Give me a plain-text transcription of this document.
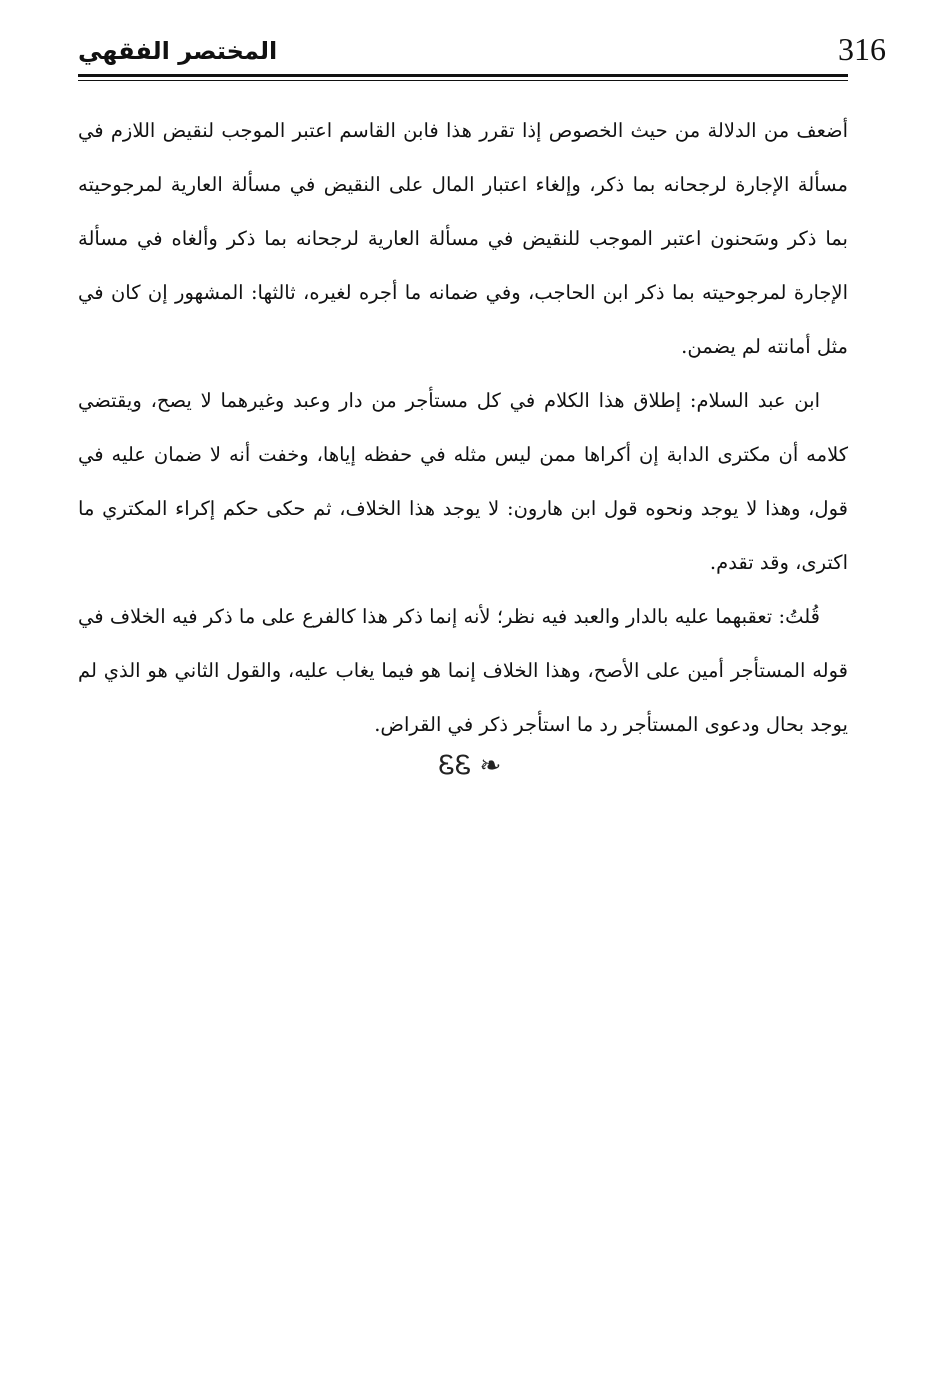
316
المختصر الفقهي

أضعف من الدلالة من حيث الخصوص إذا تقرر هذا فابن القاسم اعتبر الموجب لنقيض اللازم في مسألة الإجارة لرجحانه بما ذكر، وإلغاء اعتبار المال على النقيض في مسألة العارية لمرجوحيته بما ذكر وسَحنون اعتبر الموجب للنقيض في مسألة العارية لرجحانه بما ذكر وألغاه في مسألة الإجارة لمرجوحيته بما ذكر ابن الحاجب، وفي ضمانه ما أجره لغيره، ثالثها: المشهور إن كان في مثل أمانته لم يضمن.

ابن عبد السلام: إطلاق هذا الكلام في كل مستأجر من دار وعبد وغيرهما لا يصح، ويقتضي كلامه أن مكترى الدابة إن أكراها ممن ليس مثله في حفظه إياها، وخفت أنه لا ضمان عليه في قول، وهذا لا يوجد ونحوه قول ابن هارون: لا يوجد هذا الخلاف، ثم حكى حكم إكراء المكتري ما اكترى، وقد تقدم.

قُلتُ: تعقبهما عليه بالدار والعبد فيه نظر؛ لأنه إنما ذكر هذا كالفرع على ما ذكر فيه الخلاف في قوله المستأجر أمين على الأصح، وهذا الخلاف إنما هو فيما يغاب عليه، والقول الثاني هو الذي لم يوجد بحال ودعوى المستأجر رد ما استأجر ذكر في القراض.

ᏋᏋ ❧
